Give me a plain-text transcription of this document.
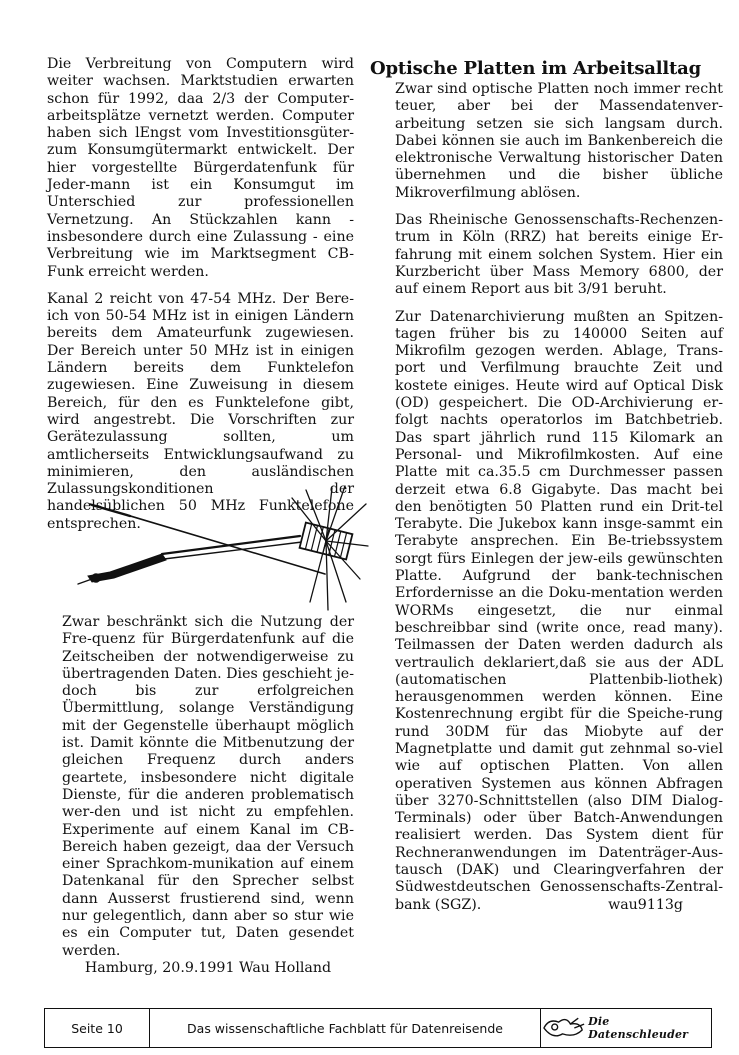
Die Verbreitung von Computern wird weiter wachsen. Marktstudien erwarten schon für 1992, daa 2/3 der Computer-arbeitsplätze vernetzt werden. Computer haben sich lEngst vom Investitionsgüter-zum Konsumgütermarkt entwickelt. Der hier vorgestellte Bürgerdatenfunk für Jeder-mann ist ein Konsumgut im Unterschied zur professionellen Vernetzung. An Stückzahlen kann - insbesondere durch eine Zulassung - eine Verbreitung wie im Marktsegment CB-Funk erreicht werden.

Kanal 2 reicht von 47-54 MHz. Der Bere-ich von 50-54 MHz ist in einigen Ländern bereits dem Amateurfunk zugewiesen. Der Bereich unter 50 MHz ist in einigen Ländern bereits dem Funktelefon zugewiesen. Eine Zuweisung in diesem Bereich, für den es Funktelefone gibt, wird angestrebt. Die Vorschriften zur Gerätezulassung sollten, um amtlicherseits Entwicklungsaufwand zu minimieren, den ausländischen Zulassungskonditionen der handelsüblichen 50 MHz Funktelefone entsprechen.

Zwar beschränkt sich die Nutzung der Fre-quenz für Bürgerdatenfunk auf die Zeitscheiben der notwendigerweise zu übertragenden Daten. Dies geschieht je-doch bis zur erfolgreichen Übermittlung, solange Verständigung mit der Gegenstelle überhaupt möglich ist. Damit könnte die Mitbenutzung der gleichen Frequenz durch anders geartete, insbesondere nicht digitale Dienste, für die anderen problematisch wer-den und ist nicht zu empfehlen. Experimente auf einem Kanal im CB-Bereich haben gezeigt, daa der Versuch einer Sprachkom-munikation auf einem Datenkanal für den Sprecher selbst dann Ausserst frustierend sind, wenn nur gelegentlich, dann aber so stur wie es ein Computer tut, Daten gesendet werden.

Hamburg, 20.9.1991 Wau Holland

Optische Platten im Arbeitsalltag

Zwar sind optische Platten noch immer recht teuer, aber bei der Massendatenver-arbeitung setzen sie sich langsam durch. Dabei können sie auch im Bankenbereich die elektronische Verwaltung historischer Daten übernehmen und die bisher übliche Mikroverfilmung ablösen.

Das Rheinische Genossenschafts-Rechenzen-trum in Köln (RRZ) hat bereits einige Er-fahrung mit einem solchen System. Hier ein Kurzbericht über Mass Memory 6800, der auf einem Report aus bit 3/91 beruht.

Zur Datenarchivierung mußten an Spitzen-tagen früher bis zu 140000 Seiten auf Mikrofilm gezogen werden. Ablage, Trans-port und Verfilmung brauchte Zeit und kostete einiges. Heute wird auf Optical Disk (OD) gespeichert. Die OD-Archivierung er-folgt nachts operatorlos im Batchbetrieb. Das spart jährlich rund 115 Kilomark an Personal- und Mikrofilmkosten. Auf eine Platte mit ca.35.5 cm Durchmesser passen derzeit etwa 6.8 Gigabyte. Das macht bei den benötigten 50 Platten rund ein Drit-tel Terabyte. Die Jukebox kann insge-sammt ein Terabyte ansprechen. Ein Be-triebssystem sorgt fürs Einlegen der jew-eils gewünschten Platte. Aufgrund der bank-technischen Erfordernisse an die Doku-mentation werden WORMs eingesetzt, die nur einmal beschreibbar sind (write once, read many). Teilmassen der Daten werden dadurch als vertraulich deklariert,daß sie aus der ADL (automatischen Plattenbib-liothek) herausgenommen werden können. Eine Kostenrechnung ergibt für die Speiche-rung rund 30DM für das Miobyte auf der Magnetplatte und damit gut zehnmal so-viel wie auf optischen Platten. Von allen operativen Systemen aus können Abfragen über 3270-Schnittstellen (also DIM Dialog-Terminals) oder über Batch-Anwendungen realisiert werden. Das System dient für Rechneranwendungen im Datenträger-Aus-tausch (DAK) und Clearingverfahren der Südwestdeutschen Genossenschafts-Zentral-bank (SGZ).	wau9113g

Seite 10	Das wissenschaftliche Fachblatt für Datenreisende	Die Datenschleuder
